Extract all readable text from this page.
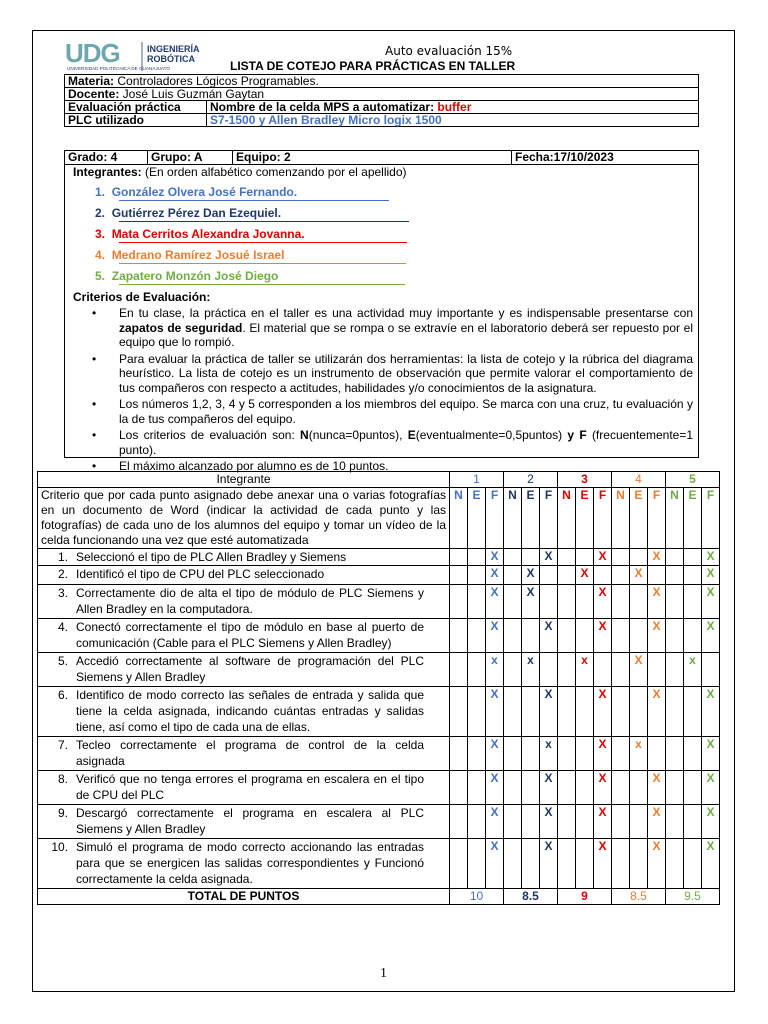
UDG
UNIVERSIDAD POLITÉCNICA DE GUANAJUATO
INGENIERÍA
ROBÓTICA
Auto evaluación 15%
LISTA DE COTEJO PARA PRÁCTICAS EN TALLER
Materia: Controladores Lógicos Programables.	
Docente: José Luis Guzmán Gaytan	
Evaluación práctica	Nombre de la celda MPS a automatizar: buffer
PLC utilizado	S7-1500 y Allen Bradley Micro logix 1500
Grado: 4	Grupo: A	Equipo: 2	Fecha:17/10/2023
Integrantes: (En orden alfabético comenzando por el apellido)
1. González Olvera José Fernando.
2. Gutiérrez Pérez Dan Ezequiel.
3. Mata Cerritos Alexandra Jovanna.
4. Medrano Ramírez Josué Israel
5. Zapatero Monzón José Diego
Criterios de Evaluación:
• En tu clase, la práctica en el taller es una actividad muy importante y es indispensable presentarse con zapatos de seguridad. El material que se rompa o se extravíe en el laboratorio deberá ser repuesto por el equipo que lo rompió.
• Para evaluar la práctica de taller se utilizarán dos herramientas: la lista de cotejo y la rúbrica del diagrama heurístico. La lista de cotejo es un instrumento de observación que permite valorar el comportamiento de tus compañeros con respecto a actitudes, habilidades y/o conocimientos de la asignatura.
• Los números 1,2, 3, 4 y 5 corresponden a los miembros del equipo. Se marca con una cruz, tu evaluación y la de tus compañeros del equipo.
• Los criterios de evaluación son: N(nunca=0puntos), E(eventualmente=0,5puntos) y F (frecuentemente=1 punto).
• El máximo alcanzado por alumno es de 10 puntos.
Integrante	1			2			3			4			5		
Criterio que por cada punto asignado debe anexar una o varias fotografías en un documento de Word (indicar la actividad de cada punto y las fotografías) de cada uno de los alumnos del equipo y tomar un vídeo de la celda funcionando una vez que esté automatizada	N	E	F	N	E	F	N	E	F	N	E	F	N	E	F
1. Seleccionó el tipo de PLC Allen Bradley y Siemens			X			X			X			X			X
2. Identificó el tipo de CPU del PLC seleccionado			X		X			X			X				X
3. Correctamente dio de alta el tipo de módulo de PLC Siemens y Allen Bradley en la computadora.			X		X				X			X			X
4. Conectó correctamente el tipo de módulo en base al puerto de comunicación (Cable para el PLC Siemens y Allen Bradley)			X			X			X			X			X
5. Accedió correctamente al software de programación del PLC Siemens y Allen Bradley			x		x			x			X			x	
6. Identifico de modo correcto las señales de entrada y salida que tiene la celda asignada, indicando cuántas entradas y salidas tiene, así como el tipo de cada una de ellas.			X			X			X			X			X
7. Tecleo correctamente el programa de control de la celda asignada			X			x			X		x				X
8. Verificó que no tenga errores el programa en escalera en el tipo de CPU del PLC			X			X			X			X			X
9. Descargó correctamente el programa en escalera al PLC Siemens y Allen Bradley			X			X			X			X			X
10. Simuló el programa de modo correcto accionando las entradas para que se energicen las salidas correspondientes y Funcionó correctamente la celda asignada.			X			X			X			X			X
TOTAL DE PUNTOS	10			8.5			9			8.5			9.5		
1
